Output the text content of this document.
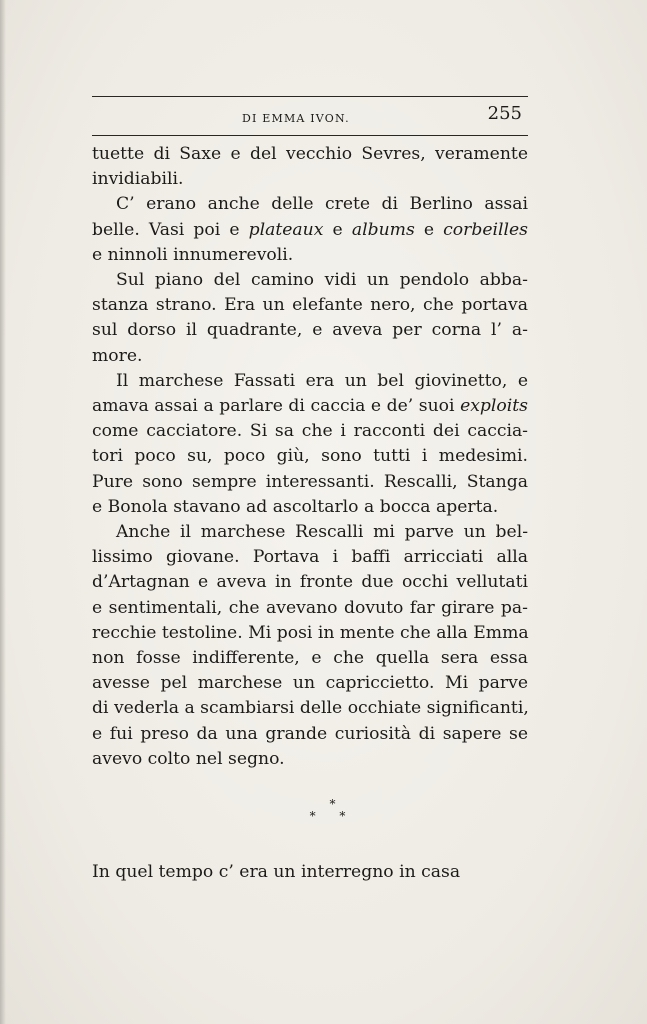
DI EMMA IVON.	255
tuette di Saxe e del vecchio Sevres, veramente
invidiabili.
C’ erano anche delle crete di Berlino assai
belle. Vasi poi e plateaux e albums e corbeilles
e ninnoli innumerevoli.
Sul piano del camino vidi un pendolo abba-
stanza strano. Era un elefante nero, che portava
sul dorso il quadrante, e aveva per corna l’ a-
more.
Il marchese Fassati era un bel giovinetto, e
amava assai a parlare di caccia e de’ suoi exploits
come cacciatore. Si sa che i racconti dei caccia-
tori poco su, poco giù, sono tutti i medesimi.
Pure sono sempre interessanti. Rescalli, Stanga
e Bonola stavano ad ascoltarlo a bocca aperta.
Anche il marchese Rescalli mi parve un bel-
lissimo giovane. Portava i baffi arricciati alla
d’Artagnan e aveva in fronte due occhi vellutati
e sentimentali, che avevano dovuto far girare pa-
recchie testoline. Mi posi in mente che alla Emma
non fosse indifferente, e che quella sera essa
avesse pel marchese un capriccietto. Mi parve
di vederla a scambiarsi delle occhiate significanti,
e fui preso da una grande curiosità di sapere se
avevo colto nel segno.
*
* *
In quel tempo c’ era un interregno in casa
